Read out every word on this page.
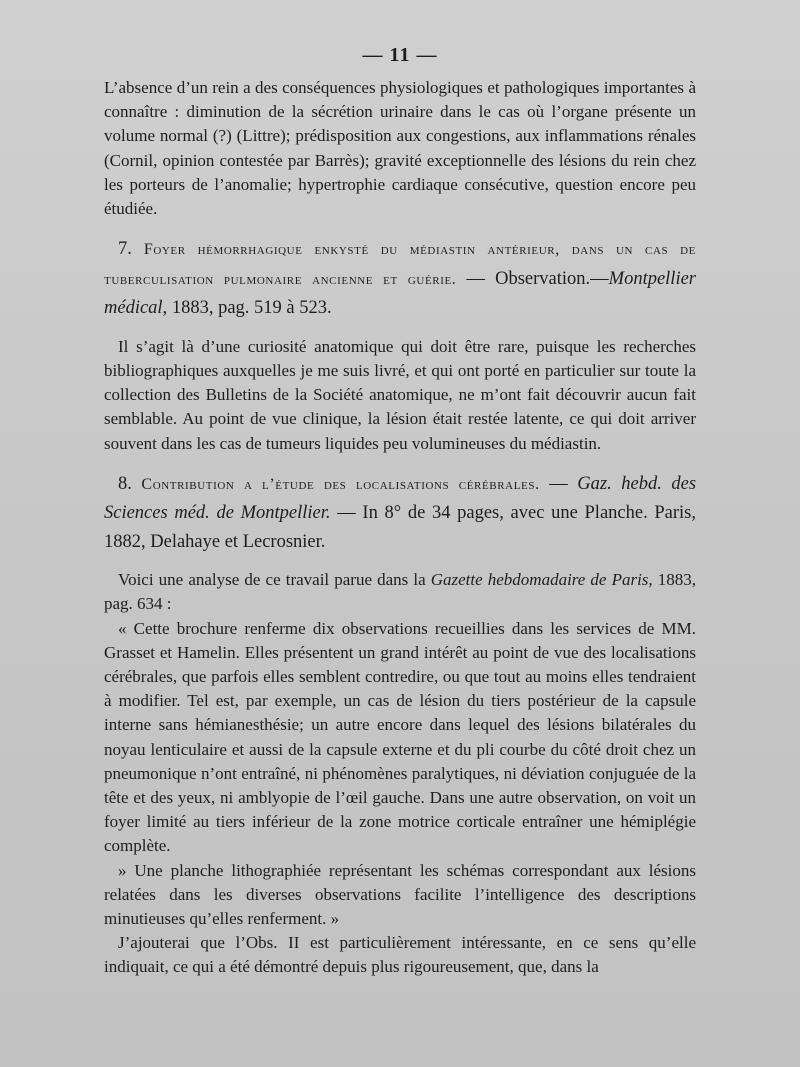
— 11 —

L’absence d’un rein a des conséquences physiologiques et pathologiques importantes à connaître : diminution de la sécrétion urinaire dans le cas où l’organe présente un volume normal (?) (Littre); prédisposition aux congestions, aux inflammations rénales (Cornil, opinion contestée par Barrès); gravité exceptionnelle des lésions du rein chez les porteurs de l’anomalie; hypertrophie cardiaque consécutive, question encore peu étudiée.

7. Foyer hémorrhagique enkysté du médiastin antérieur, dans un cas de tuberculisation pulmonaire ancienne et guérie. — Observation.—Montpellier médical, 1883, pag. 519 à 523.

Il s’agit là d’une curiosité anatomique qui doit être rare, puisque les recherches bibliographiques auxquelles je me suis livré, et qui ont porté en particulier sur toute la collection des Bulletins de la Société anatomique, ne m’ont fait découvrir aucun fait semblable. Au point de vue clinique, la lésion était restée latente, ce qui doit arriver souvent dans les cas de tumeurs liquides peu volumineuses du médiastin.

8. Contribution a l’étude des localisations cérébrales. — Gaz. hebd. des Sciences méd. de Montpellier. — In 8° de 34 pages, avec une Planche. Paris, 1882, Delahaye et Lecrosnier.

Voici une analyse de ce travail parue dans la Gazette hebdomadaire de Paris, 1883, pag. 634 :

« Cette brochure renferme dix observations recueillies dans les services de MM. Grasset et Hamelin. Elles présentent un grand intérêt au point de vue des localisations cérébrales, que parfois elles semblent contredire, ou que tout au moins elles tendraient à modifier. Tel est, par exemple, un cas de lésion du tiers postérieur de la capsule interne sans hémianesthésie; un autre encore dans lequel des lésions bilatérales du noyau lenticulaire et aussi de la capsule externe et du pli courbe du côté droit chez un pneumonique n’ont entraîné, ni phénomènes paralytiques, ni déviation conjuguée de la tête et des yeux, ni amblyopie de l’œil gauche. Dans une autre observation, on voit un foyer limité au tiers inférieur de la zone motrice corticale entraîner une hémiplégie complète.

» Une planche lithographiée représentant les schémas correspondant aux lésions relatées dans les diverses observations facilite l’intelligence des descriptions minutieuses qu’elles renferment. »

J’ajouterai que l’Obs. II est particulièrement intéressante, en ce sens qu’elle indiquait, ce qui a été démontré depuis plus rigoureusement, que, dans la
